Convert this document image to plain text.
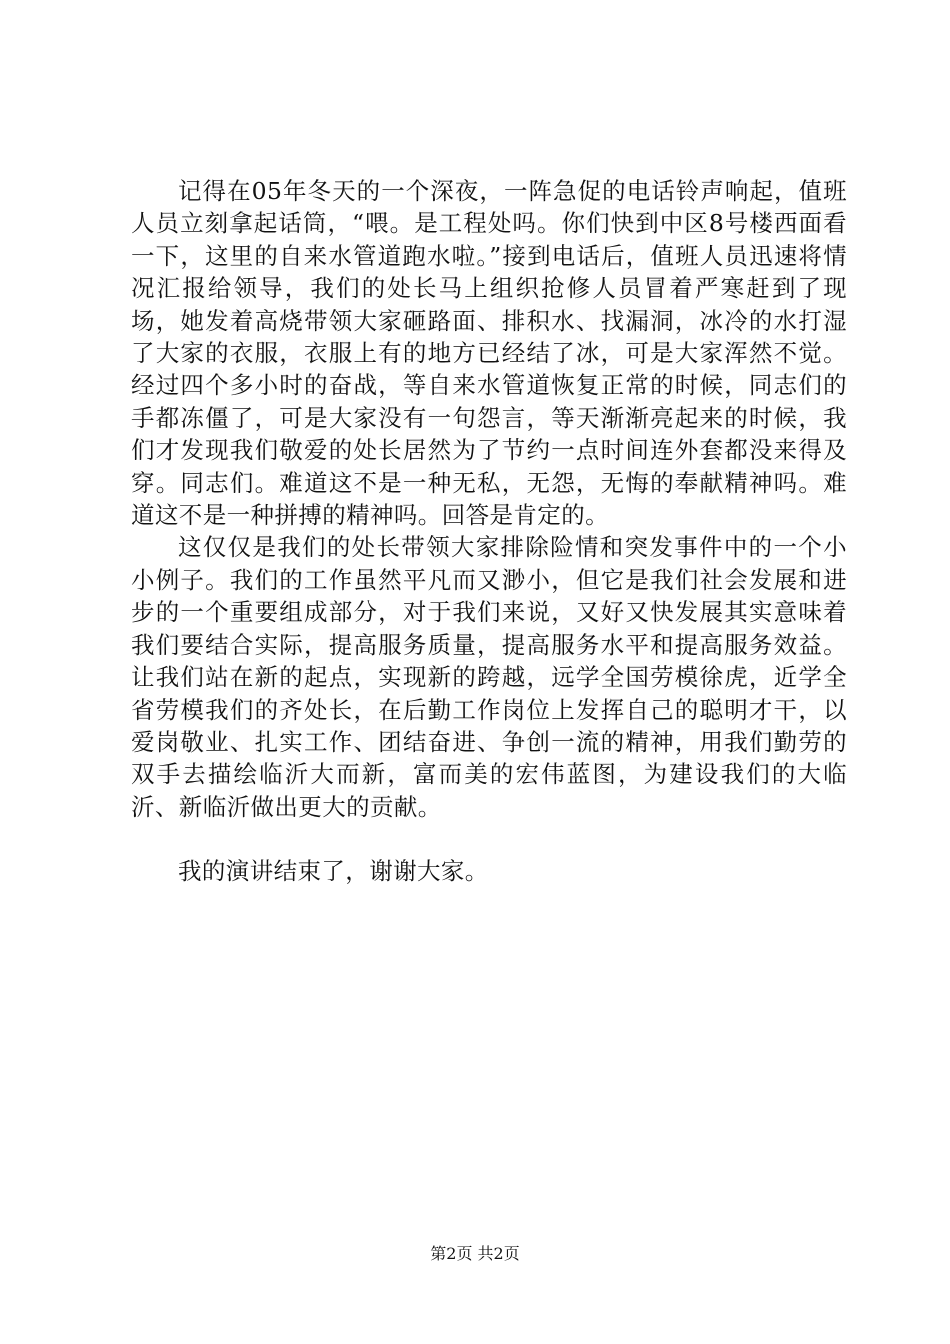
记得在05年冬天的一个深夜，一阵急促的电话铃声响起，值班人员立刻拿起话筒，“喂。是工程处吗。你们快到中区8号楼西面看一下，这里的自来水管道跑水啦。”接到电话后，值班人员迅速将情况汇报给领导，我们的处长马上组织抢修人员冒着严寒赶到了现场，她发着高烧带领大家砸路面、排积水、找漏洞，冰冷的水打湿了大家的衣服，衣服上有的地方已经结了冰，可是大家浑然不觉。经过四个多小时的奋战，等自来水管道恢复正常的时候，同志们的手都冻僵了，可是大家没有一句怨言，等天渐渐亮起来的时候，我们才发现我们敬爱的处长居然为了节约一点时间连外套都没来得及穿。同志们。难道这不是一种无私，无怨，无悔的奉献精神吗。难道这不是一种拼搏的精神吗。回答是肯定的。

这仅仅是我们的处长带领大家排除险情和突发事件中的一个小小例子。我们的工作虽然平凡而又渺小，但它是我们社会发展和进步的一个重要组成部分，对于我们来说，又好又快发展其实意味着我们要结合实际，提高服务质量，提高服务水平和提高服务效益。让我们站在新的起点，实现新的跨越，远学全国劳模徐虎，近学全省劳模我们的齐处长，在后勤工作岗位上发挥自己的聪明才干，以爱岗敬业、扎实工作、团结奋进、争创一流的精神，用我们勤劳的双手去描绘临沂大而新，富而美的宏伟蓝图，为建设我们的大临沂、新临沂做出更大的贡献。

我的演讲结束了，谢谢大家。

第2页 共2页
